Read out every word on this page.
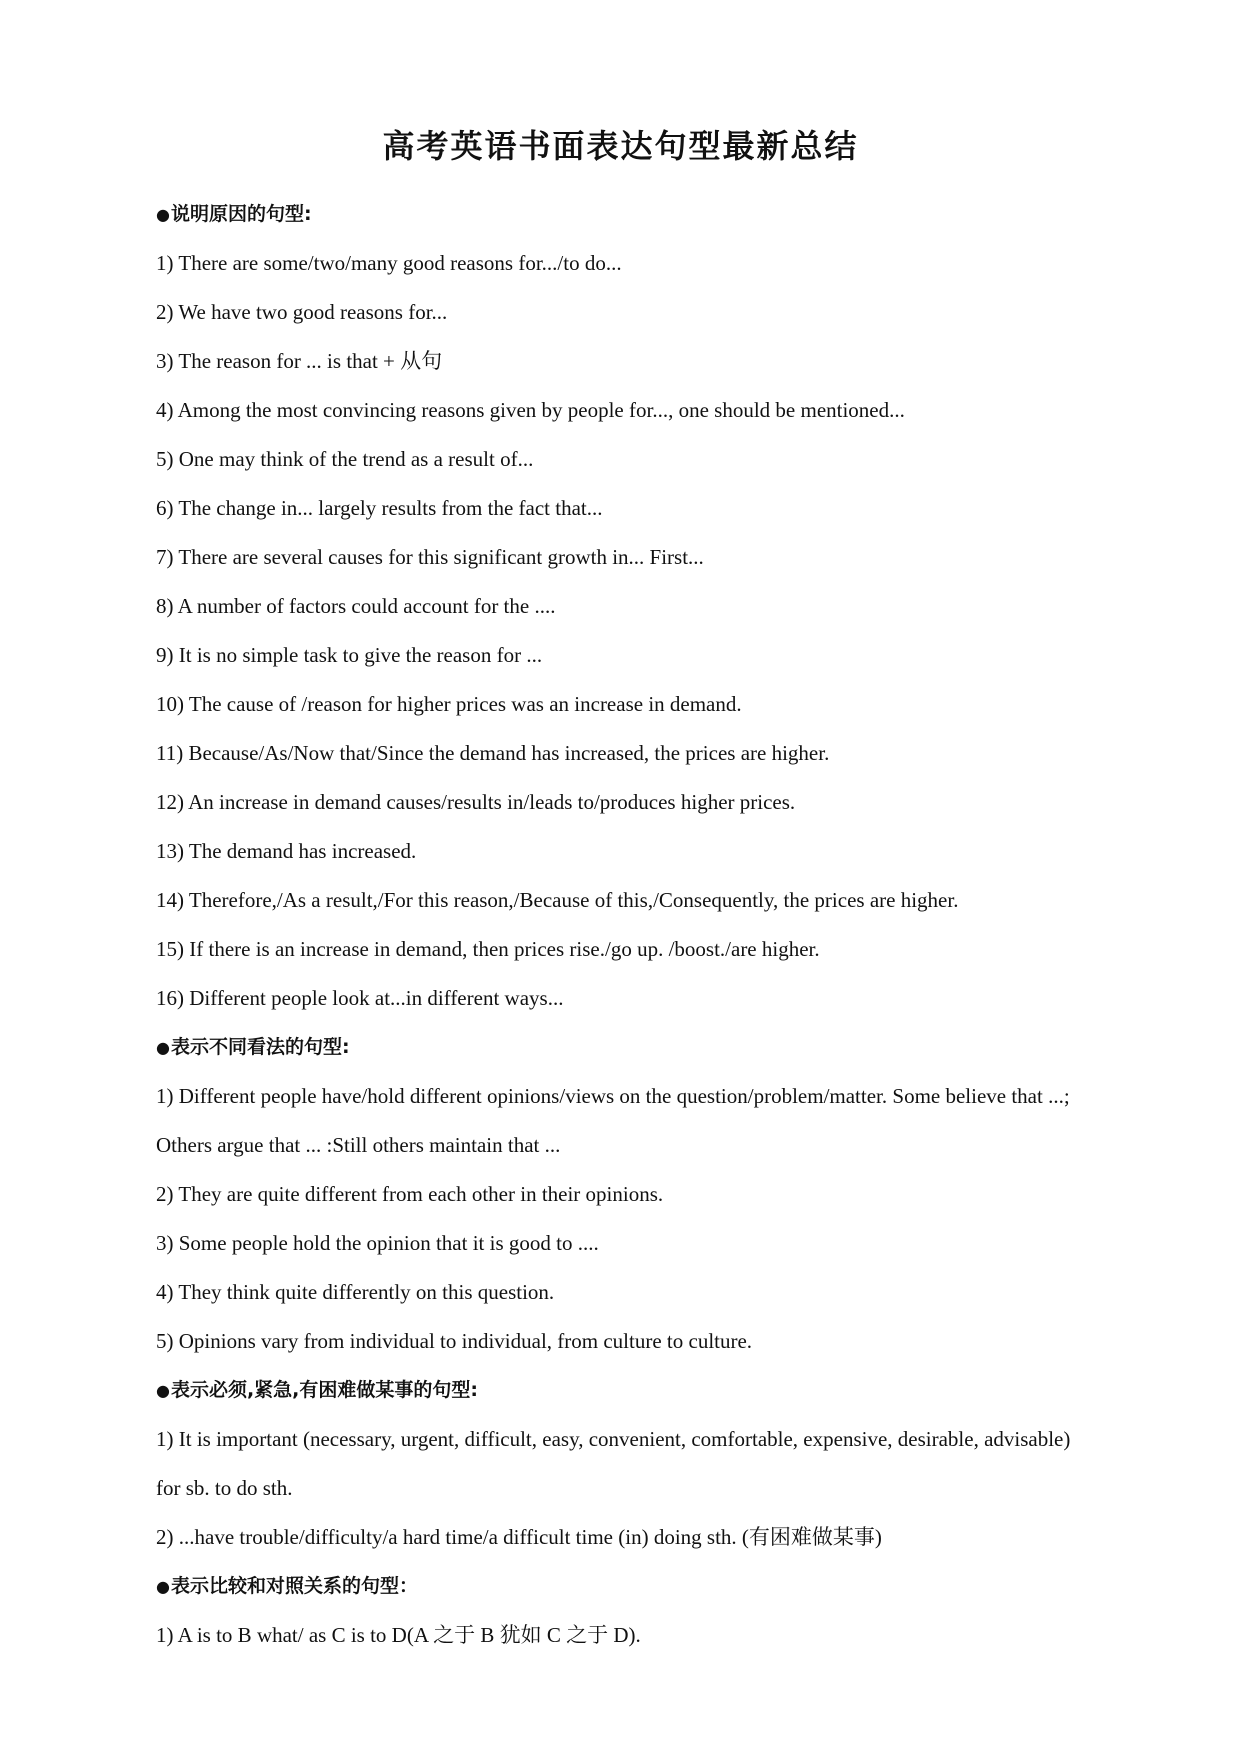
高考英语书面表达句型最新总结
●说明原因的句型:
1) There are some/two/many good reasons for.../to do...
2) We have two good reasons for...
3) The reason for ... is that + 从句
4) Among the most convincing reasons given by people for..., one should be mentioned...
5) One may think of the trend as a result of...
6) The change in... largely results from the fact that...
7) There are several causes for this significant growth in... First...
8) A number of factors could account for the ....
9) It is no simple task to give the reason for ...
10) The cause of /reason for higher prices was an increase in demand.
11) Because/As/Now that/Since the demand has increased, the prices are higher.
12) An increase in demand causes/results in/leads to/produces higher prices.
13) The demand has increased.
14) Therefore,/As a result,/For this reason,/Because of this,/Consequently, the prices are higher.
15) If there is an increase in demand, then prices rise./go up. /boost./are higher.
16) Different people look at...in different ways...
●表示不同看法的句型:
1) Different people have/hold different opinions/views on the question/problem/matter. Some believe that ...;
Others argue that ... :Still others maintain that ...
2) They are quite different from each other in their opinions.
3) Some people hold the opinion that it is good to ....
4) They think quite differently on this question.
5) Opinions vary from individual to individual, from culture to culture.
●表示必须,紧急,有困难做某事的句型:
1) It is important (necessary, urgent, difficult, easy, convenient, comfortable, expensive, desirable, advisable)
for sb. to do sth.
2) ...have trouble/difficulty/a hard time/a difficult time (in) doing sth. (有困难做某事)
●表示比较和对照关系的句型：
1) A is to B what/ as C is to D(A 之于 B 犹如 C 之于 D).
